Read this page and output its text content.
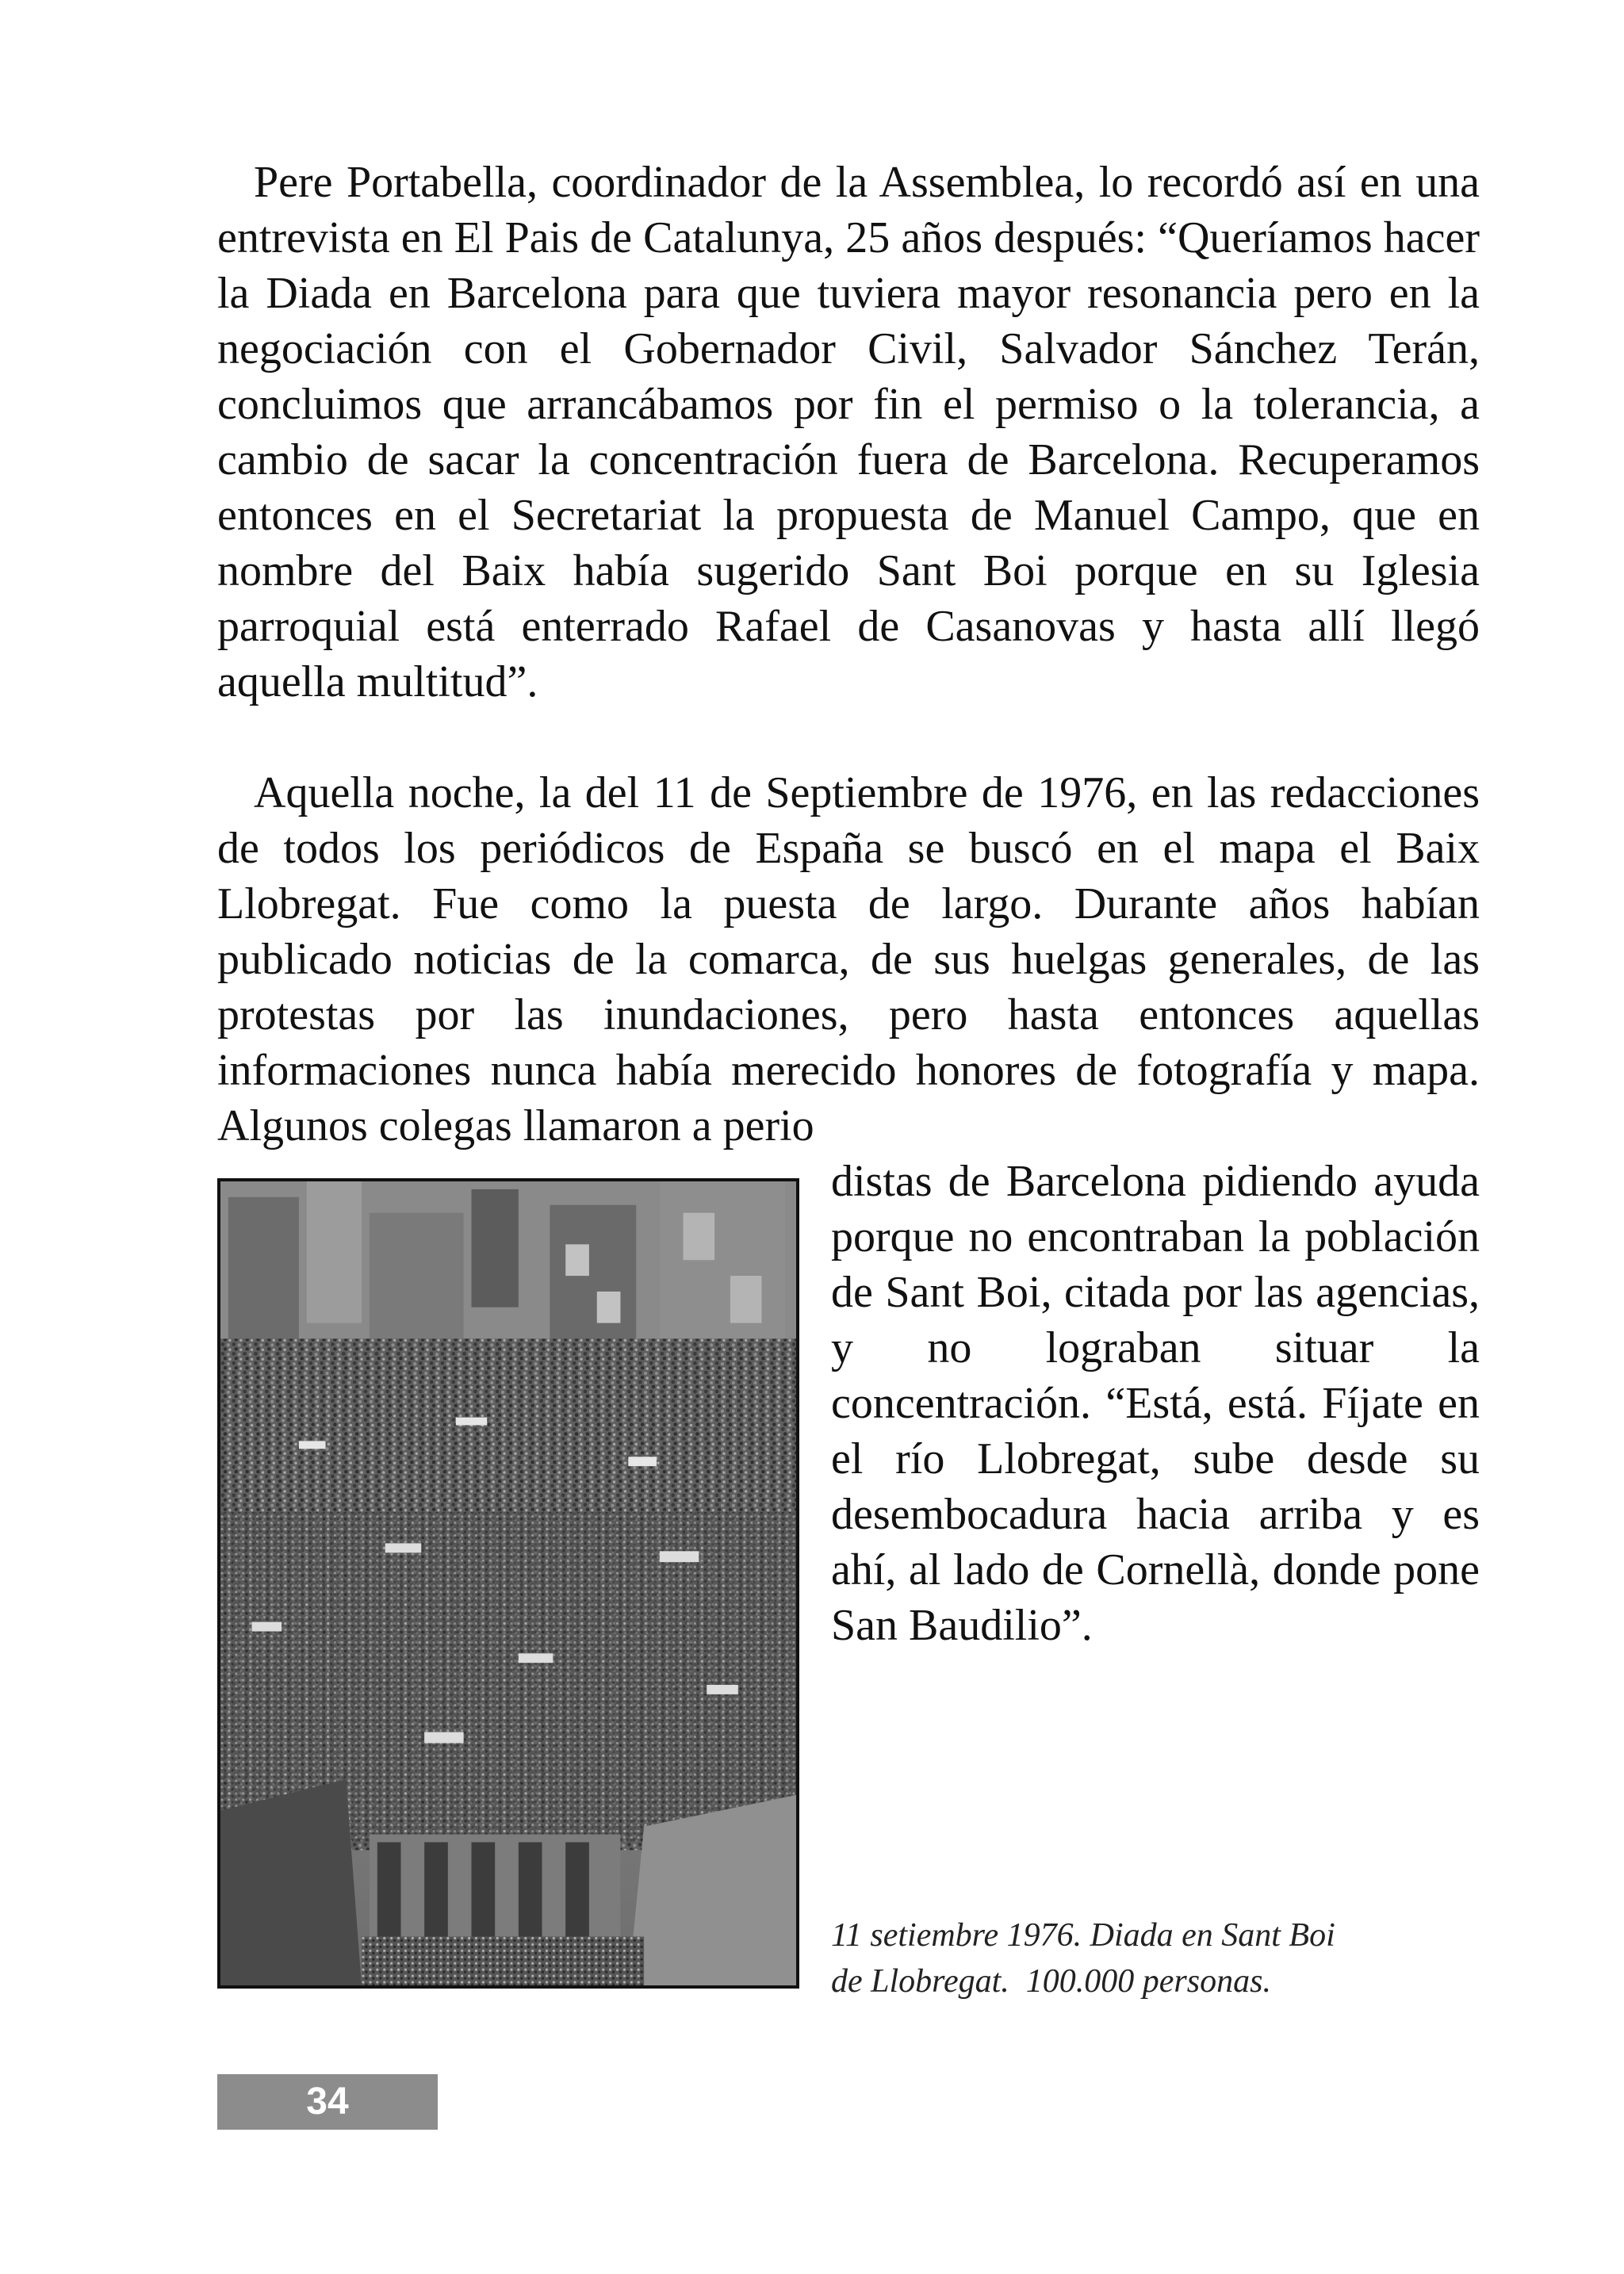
Pere Portabella, coordinador de la Assemblea, lo recordó así en una entrevista en El Pais de Catalunya, 25 años después: “Queríamos hacer la Diada en Barcelona para que tuviera mayor resonancia pero en la negociación con el Gobernador Civil, Salvador Sánchez Terán, concluimos que arrancábamos por fin el permiso o la tolerancia, a cambio de sacar la concentración fuera de Barcelona. Recuperamos entonces en el Secretariat la propuesta de Manuel Campo, que en nombre del Baix había sugerido Sant Boi porque en su Iglesia parroquial está enterrado Rafael de Casanovas y hasta allí llegó aquella multitud”.

Aquella noche, la del 11 de Septiembre de 1976, en las redacciones de todos los periódicos de España se buscó en el mapa el Baix Llobregat. Fue como la puesta de largo. Durante años habían publicado noticias de la comarca, de sus huelgas generales, de las protestas por las inundaciones, pero hasta entonces aquellas informaciones nunca había merecido honores de fotografía y mapa. Algunos colegas llamaron a perio

distas de Barcelona pidiendo ayuda porque no encontraban la población de Sant Boi, citada por las agencias, y no lograban situar la concentración. “Está, está. Fíjate en el río Llobregat, sube desde su desembocadura hacia arriba y es ahí, al lado de Cornellà, donde pone San Baudilio”.

11 setiembre 1976. Diada en Sant Boi
de Llobregat.  100.000 personas.
34
